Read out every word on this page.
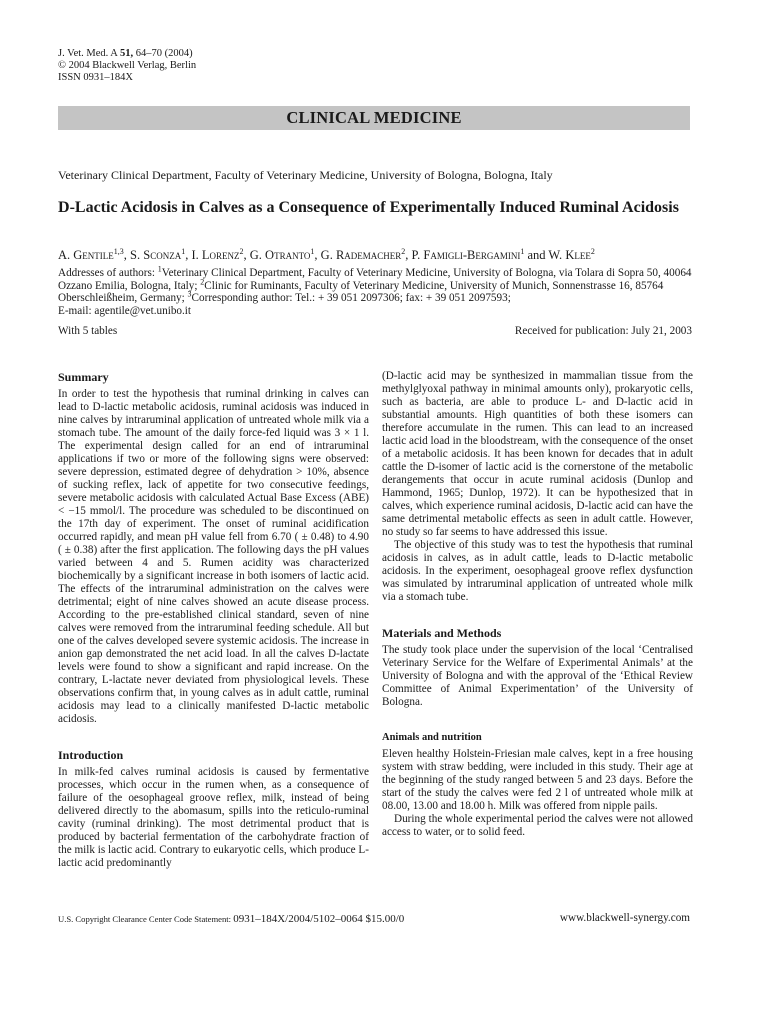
J. Vet. Med. A 51, 64–70 (2004)
© 2004 Blackwell Verlag, Berlin
ISSN 0931–184X
CLINICAL MEDICINE
Veterinary Clinical Department, Faculty of Veterinary Medicine, University of Bologna, Bologna, Italy
D-Lactic Acidosis in Calves as a Consequence of Experimentally Induced Ruminal Acidosis
A. Gentile$^{1,3}$, S. Sconza$^1$, I. Lorenz$^2$, G. Otranto$^1$, G. Rademacher$^2$, P. Famigli-Bergamini$^1$ and W. Klee$^2$
Addresses of authors: $^1$Veterinary Clinical Department, Faculty of Veterinary Medicine, University of Bologna, via Tolara di Sopra 50, 40064 Ozzano Emilia, Bologna, Italy; $^2$Clinic for Ruminants, Faculty of Veterinary Medicine, University of Munich, Sonnenstrasse 16, 85764 Oberschleißheim, Germany; $^3$Corresponding author: Tel.: + 39 051 2097306; fax: + 39 051 2097593;
E-mail: agentile@vet.unibo.it
With 5 tables	Received for publication: July 21, 2003
Summary

In order to test the hypothesis that ruminal drinking in calves can lead to D-lactic metabolic acidosis, ruminal acidosis was induced in nine calves by intraruminal application of untreated whole milk via a stomach tube. The amount of the daily force-fed liquid was 3 × 1 l. The experimental design called for an end of intraruminal applications if two or more of the following signs were observed: severe depression, estimated degree of dehydration > 10%, absence of sucking reflex, lack of appetite for two consecutive feedings, severe metabolic acidosis with calculated Actual Base Excess (ABE) < −15 mmol/l. The procedure was scheduled to be discontinued on the 17th day of experiment. The onset of ruminal acidification occurred rapidly, and mean pH value fell from 6.70 ( ± 0.48) to 4.90 ( ± 0.38) after the first application. The following days the pH values varied between 4 and 5. Rumen acidity was characterized biochemically by a significant increase in both isomers of lactic acid. The effects of the intraruminal administration on the calves were detrimental; eight of nine calves showed an acute disease process. According to the pre-established clinical standard, seven of nine calves were removed from the intraruminal feeding schedule. All but one of the calves developed severe systemic acidosis. The increase in anion gap demonstrated the net acid load. In all the calves D-lactate levels were found to show a significant and rapid increase. On the contrary, L-lactate never deviated from physiological levels. These observations confirm that, in young calves as in adult cattle, ruminal acidosis may lead to a clinically manifested D-lactic metabolic acidosis.

Introduction

In milk-fed calves ruminal acidosis is caused by fermentative processes, which occur in the rumen when, as a consequence of failure of the oesophageal groove reflex, milk, instead of being delivered directly to the abomasum, spills into the reticulo-ruminal cavity (ruminal drinking). The most detrimental product that is produced by bacterial fermentation of the carbohydrate fraction of the milk is lactic acid. Contrary to eukaryotic cells, which produce L-lactic acid predominantly

(D-lactic acid may be synthesized in mammalian tissue from the methylglyoxal pathway in minimal amounts only), prokaryotic cells, such as bacteria, are able to produce L- and D-lactic acid in substantial amounts. High quantities of both these isomers can therefore accumulate in the rumen. This can lead to an increased lactic acid load in the bloodstream, with the consequence of the onset of a metabolic acidosis. It has been known for decades that in adult cattle the D-isomer of lactic acid is the cornerstone of the metabolic derangements that occur in acute ruminal acidosis (Dunlop and Hammond, 1965; Dunlop, 1972). It can be hypothesized that in calves, which experience ruminal acidosis, D-lactic acid can have the same detrimental metabolic effects as seen in adult cattle. However, no study so far seems to have addressed this issue.

The objective of this study was to test the hypothesis that ruminal acidosis in calves, as in adult cattle, leads to D-lactic metabolic acidosis. In the experiment, oesophageal groove reflex dysfunction was simulated by intraruminal application of untreated whole milk via a stomach tube.

Materials and Methods

The study took place under the supervision of the local ‘Centralised Veterinary Service for the Welfare of Experimental Animals’ at the University of Bologna and with the approval of the ‘Ethical Review Committee of Animal Experimentation’ of the University of Bologna.

Animals and nutrition

Eleven healthy Holstein-Friesian male calves, kept in a free housing system with straw bedding, were included in this study. Their age at the beginning of the study ranged between 5 and 23 days. Before the start of the study the calves were fed 2 l of untreated whole milk at 08.00, 13.00 and 18.00 h. Milk was offered from nipple pails.

During the whole experimental period the calves were not allowed access to water, or to solid feed.

U.S. Copyright Clearance Center Code Statement: 0931–184X/2004/5102–0064 $15.00/0	www.blackwell-synergy.com
